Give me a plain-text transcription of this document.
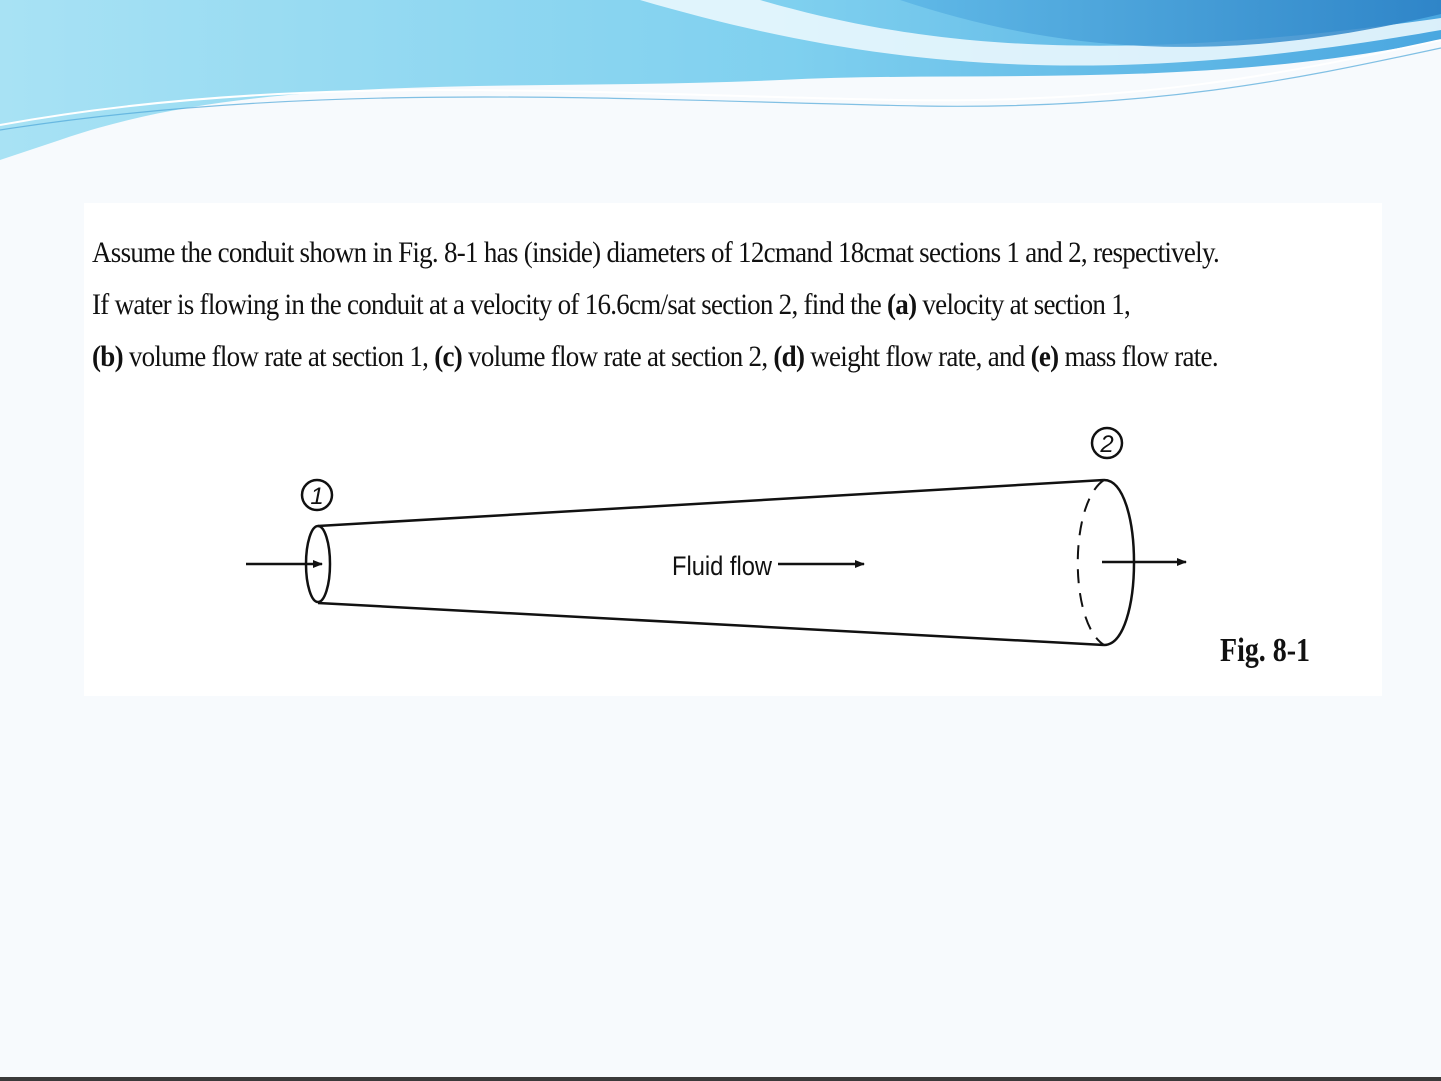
Assume the conduit shown in Fig. 8-1 has (inside) diameters of 12cmand 18cmat sections 1 and 2, respectively.
If water is flowing in the conduit at a velocity of 16.6cm/sat section 2, find the (a) velocity at section 1,
(b) volume flow rate at section 1, (c) volume flow rate at section 2, (d) weight flow rate, and (e) mass flow rate.

1
2
Fluid flow
Fig. 8-1
